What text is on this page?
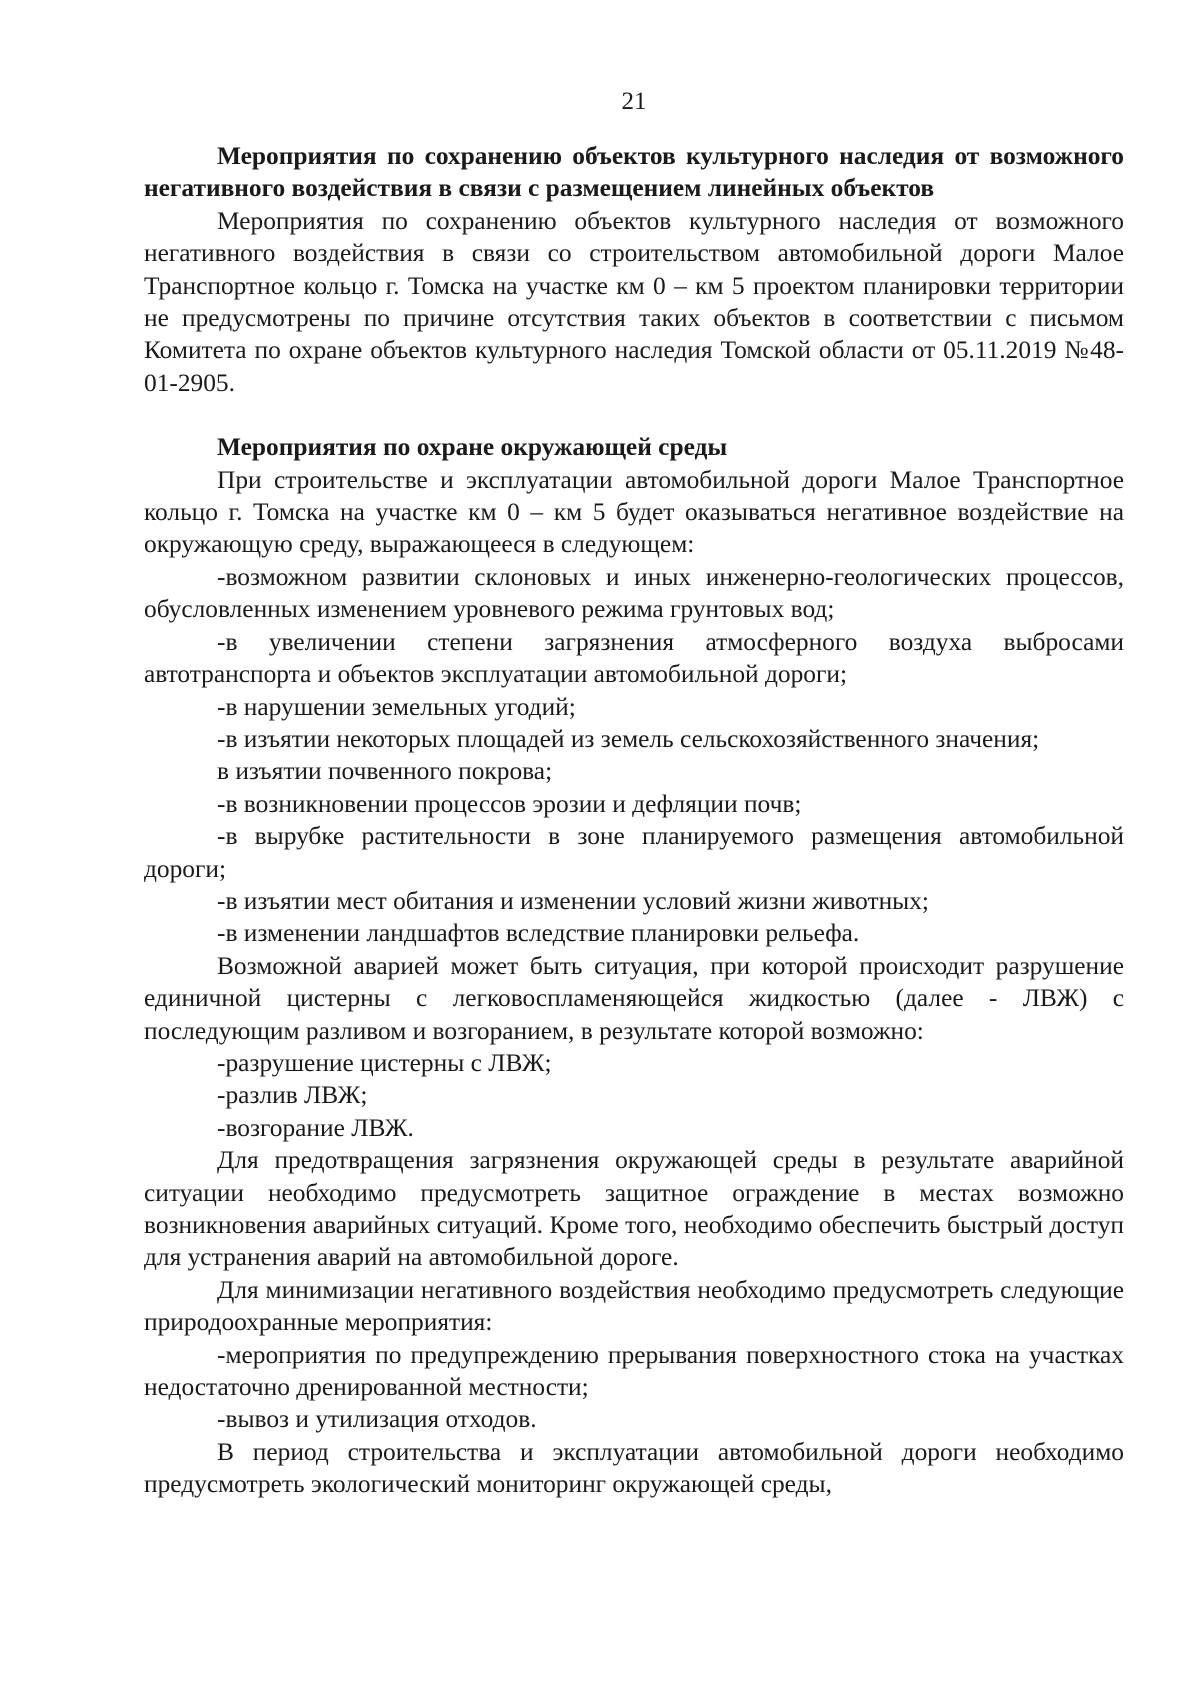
21

Мероприятия по сохранению объектов культурного наследия от возможного негативного воздействия в связи с размещением линейных объектов

Мероприятия по сохранению объектов культурного наследия от возможного негативного воздействия в связи со строительством автомобильной дороги Малое Транспортное кольцо г. Томска на участке км 0 – км 5 проектом планировки территории не предусмотрены по причине отсутствия таких объектов в соответствии с письмом Комитета по охране объектов культурного наследия Томской области от 05.11.2019 №48-01-2905.

Мероприятия по охране окружающей среды

При строительстве и эксплуатации автомобильной дороги Малое Транспортное кольцо г. Томска на участке км 0 – км 5 будет оказываться негативное воздействие на окружающую среду, выражающееся в следующем:

-возможном развитии склоновых и иных инженерно-геологических процессов, обусловленных изменением уровневого режима грунтовых вод;

-в увеличении степени загрязнения атмосферного воздуха выбросами автотранспорта и объектов эксплуатации автомобильной дороги;

-в нарушении земельных угодий;

-в изъятии некоторых площадей из земель сельскохозяйственного значения;

в изъятии почвенного покрова;

-в возникновении процессов эрозии и дефляции почв;

-в вырубке растительности в зоне планируемого размещения автомобильной дороги;

-в изъятии мест обитания и изменении условий жизни животных;

-в изменении ландшафтов вследствие планировки рельефа.

Возможной аварией может быть ситуация, при которой происходит разрушение единичной цистерны с легковоспламеняющейся жидкостью (далее - ЛВЖ) с последующим разливом и возгоранием, в результате которой возможно:

-разрушение цистерны с ЛВЖ;

-разлив ЛВЖ;

-возгорание ЛВЖ.

Для предотвращения загрязнения окружающей среды в результате аварийной ситуации необходимо предусмотреть защитное ограждение в местах возможно возникновения аварийных ситуаций. Кроме того, необходимо обеспечить быстрый доступ для устранения аварий на автомобильной дороге.

Для минимизации негативного воздействия необходимо предусмотреть следующие природоохранные мероприятия:

-мероприятия по предупреждению прерывания поверхностного стока на участках недостаточно дренированной местности;

-вывоз и утилизация отходов.

В период строительства и эксплуатации автомобильной дороги необходимо предусмотреть экологический мониторинг окружающей среды,
